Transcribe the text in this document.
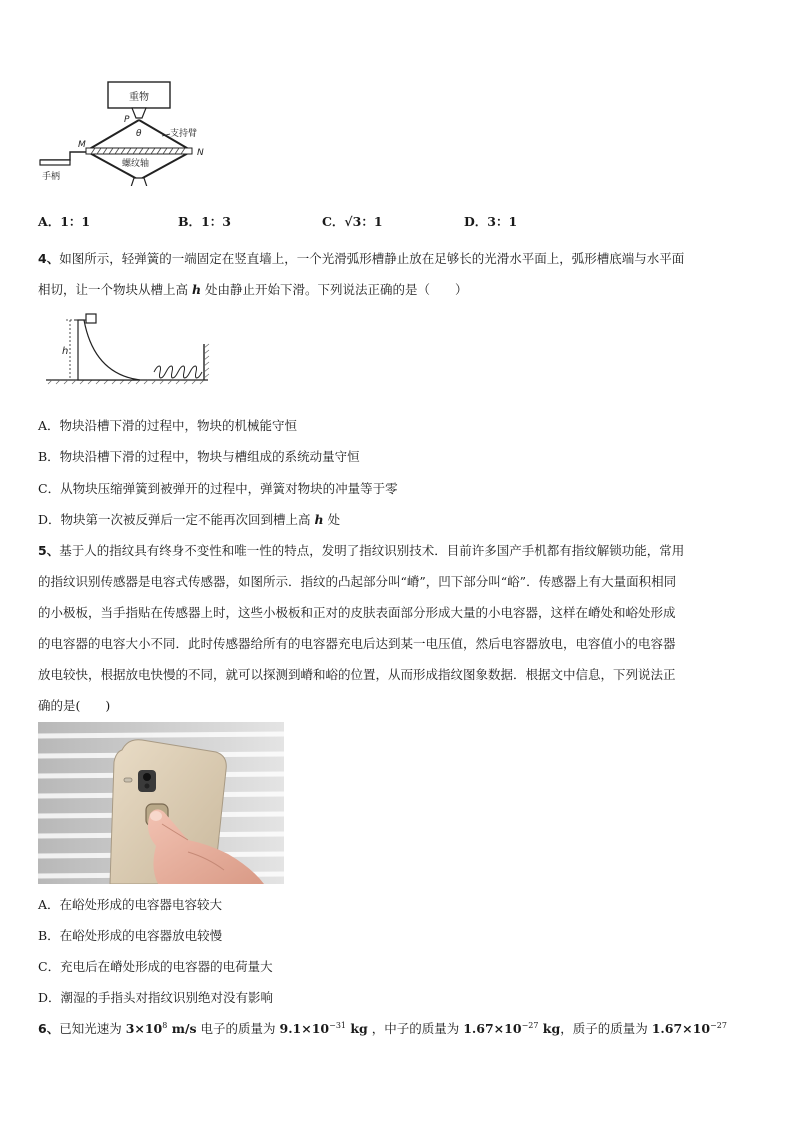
重物
P
θ	支持臂
M
N
螺纹轴
手柄
A．1：1	B．1：3	C．√3：1	D．3：1
4、如图所示，轻弹簧的一端固定在竖直墙上，一个光滑弧形槽静止放在足够长的光滑水平面上，弧形槽底端与水平面
相切，让一个物块从槽上高 h 处由静止开始下滑。下列说法正确的是（　　）
h
A．物块沿槽下滑的过程中，物块的机械能守恒
B．物块沿槽下滑的过程中，物块与槽组成的系统动量守恒
C．从物块压缩弹簧到被弹开的过程中，弹簧对物块的冲量等于零
D．物块第一次被反弹后一定不能再次回到槽上高 h 处
5、基于人的指纹具有终身不变性和唯一性的特点，发明了指纹识别技术．目前许多国产手机都有指纹解锁功能，常用
的指纹识别传感器是电容式传感器，如图所示．指纹的凸起部分叫“嵴”，凹下部分叫“峪”．传感器上有大量面积相同
的小极板，当手指贴在传感器上时，这些小极板和正对的皮肤表面部分形成大量的小电容器，这样在嵴处和峪处形成
的电容器的电容大小不同．此时传感器给所有的电容器充电后达到某一电压值，然后电容器放电，电容值小的电容器
放电较快，根据放电快慢的不同，就可以探测到嵴和峪的位置，从而形成指纹图象数据．根据文中信息，下列说法正
确的是(　　)
A．在峪处形成的电容器电容较大
B．在峪处形成的电容器放电较慢
C．充电后在嵴处形成的电容器的电荷量大
D．潮湿的手指头对指纹识别绝对没有影响
6、已知光速为 $3\times 10^8$ m/s 电子的质量为 $9.1\times 10^{-31}$ kg ，中子的质量为 $1.67\times 10^{-27}$ kg，质子的质量为 $1.67\times 10^{-27}$
